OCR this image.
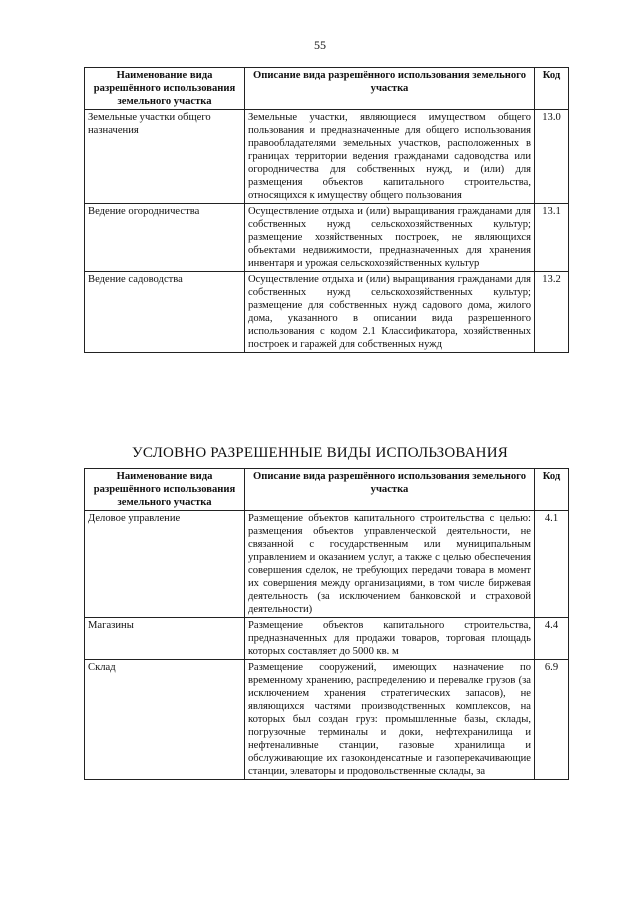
55
Наименование вида разрешённого использования земельного участка	Описание вида разрешённого использования земельного участка	Код
Земельные участки общего назначения	Земельные участки, являющиеся имуществом общего пользования и предназначенные для общего использования правообладателями земельных участков, расположенных в границах территории ведения гражданами садоводства или огородничества для собственных нужд, и (или) для размещения объектов капитального строительства, относящихся к имуществу общего пользования	13.0
Ведение огородничества	Осуществление отдыха и (или) выращивания гражданами для собственных нужд сельскохозяйственных культур; размещение хозяйственных построек, не являющихся объектами недвижимости, предназначенных для хранения инвентаря и урожая сельскохозяйственных культур	13.1
Ведение садоводства	Осуществление отдыха и (или) выращивания гражданами для собственных нужд сельскохозяйственных культур; размещение для собственных нужд садового дома, жилого дома, указанного в описании вида разрешенного использования с кодом 2.1 Классификатора, хозяйственных построек и гаражей для собственных нужд	13.2
УСЛОВНО РАЗРЕШЕННЫЕ ВИДЫ ИСПОЛЬЗОВАНИЯ
Наименование вида разрешённого использования земельного участка	Описание вида разрешённого использования земельного участка	Код
Деловое управление	Размещение объектов капитального строительства с целью: размещения объектов управленческой деятельности, не связанной с государственным или муниципальным управлением и оказанием услуг, а также с целью обеспечения совершения сделок, не требующих передачи товара в момент их совершения между организациями, в том числе биржевая деятельность (за исключением банковской и страховой деятельности)	4.1
Магазины	Размещение объектов капитального строительства, предназначенных для продажи товаров, торговая площадь которых составляет до 5000 кв. м	4.4
Склад	Размещение сооружений, имеющих назначение по временному хранению, распределению и перевалке грузов (за исключением хранения стратегических запасов), не являющихся частями производственных комплексов, на которых был создан груз: промышленные базы, склады, погрузочные терминалы и доки, нефтехранилища и нефтеналивные станции, газовые хранилища и обслуживающие их газоконденсатные и газоперекачивающие станции, элеваторы и продовольственные склады, за	6.9
